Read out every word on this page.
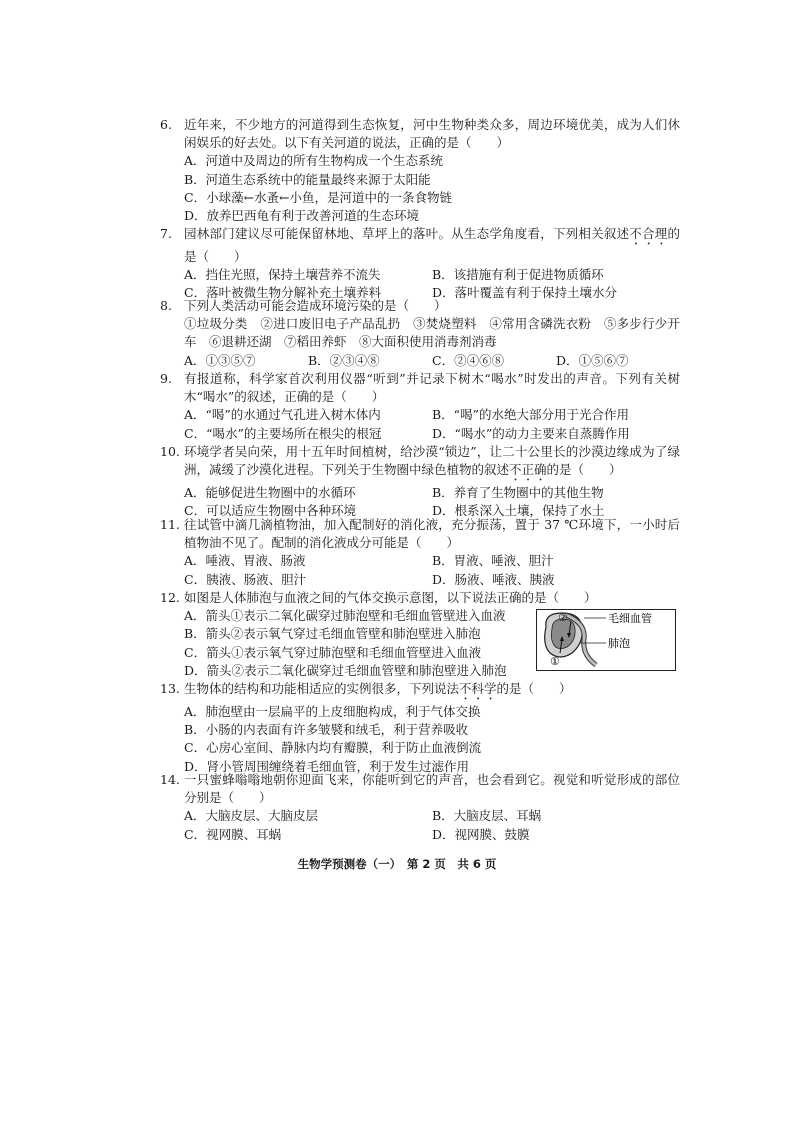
6. 近年来，不少地方的河道得到生态恢复，河中生物种类众多，周边环境优美，成为人们休闲娱乐的好去处。以下有关河道的说法，正确的是（　　）
A．河道中及周边的所有生物构成一个生态系统
B．河道生态系统中的能量最终来源于太阳能
C．小球藻←水蚤←小鱼，是河道中的一条食物链
D．放养巴西龟有利于改善河道的生态环境
7. 园林部门建议尽可能保留林地、草坪上的落叶。从生态学角度看，下列相关叙述不合理的是（　　）
A．挡住光照，保持土壤营养不流失	B．该措施有利于促进物质循环
C．落叶被微生物分解补充土壤养料	D．落叶覆盖有利于保持土壤水分
8. 下列人类活动可能会造成环境污染的是（　　）
①垃圾分类　②进口废旧电子产品乱扔　③焚烧塑料　④常用含磷洗衣粉　⑤多步行少开车　⑥退耕还湖　⑦稻田养虾　⑧大面积使用消毒剂消毒
A．①③⑤⑦	B．②③④⑧	C．②④⑥⑧	D．①⑤⑥⑦
9. 有报道称，科学家首次利用仪器“听到”并记录下树木“喝水”时发出的声音。下列有关树木“喝水”的叙述，正确的是（　　）
A．“喝”的水通过气孔进入树木体内	B．“喝”的水绝大部分用于光合作用
C．“喝水”的主要场所在根尖的根冠	D．“喝水”的动力主要来自蒸腾作用
10. 环境学者吴向荣，用十五年时间植树，给沙漠“锁边”，让二十公里长的沙漠边缘成为了绿洲，减缓了沙漠化进程。下列关于生物圈中绿色植物的叙述不正确的是（　　）
A．能够促进生物圈中的水循环	B．养育了生物圈中的其他生物
C．可以适应生物圈中各种环境	D．根系深入土壤，保持了水土
11. 往试管中滴几滴植物油，加入配制好的消化液，充分振荡，置于 37 ℃环境下，一小时后植物油不见了。配制的消化液成分可能是（　　）
A．唾液、胃液、肠液	B．胃液、唾液、胆汁
C．胰液、肠液、胆汁	D．肠液、唾液、胰液
12. 如图是人体肺泡与血液之间的气体交换示意图，以下说法正确的是（　　）
A．箭头①表示二氧化碳穿过肺泡壁和毛细血管壁进入血液
B．箭头②表示氧气穿过毛细血管壁和肺泡壁进入肺泡
C．箭头①表示氧气穿过肺泡壁和毛细血管壁进入血液
D．箭头②表示二氧化碳穿过毛细血管壁和肺泡壁进入肺泡
②
①
毛细血管
肺泡
13. 生物体的结构和功能相适应的实例很多，下列说法不科学的是（　　）
A．肺泡壁由一层扁平的上皮细胞构成，利于气体交换
B．小肠的内表面有许多皱襞和绒毛，利于营养吸收
C．心房心室间、静脉内均有瓣膜，利于防止血液倒流
D．肾小管周围缠绕着毛细血管，利于发生过滤作用
14. 一只蜜蜂嗡嗡地朝你迎面飞来，你能听到它的声音，也会看到它。视觉和听觉形成的部位分别是（　　）
A．大脑皮层、大脑皮层	B．大脑皮层、耳蜗
C．视网膜、耳蜗	D．视网膜、鼓膜
生物学预测卷（一）　第 2 页　共 6 页
